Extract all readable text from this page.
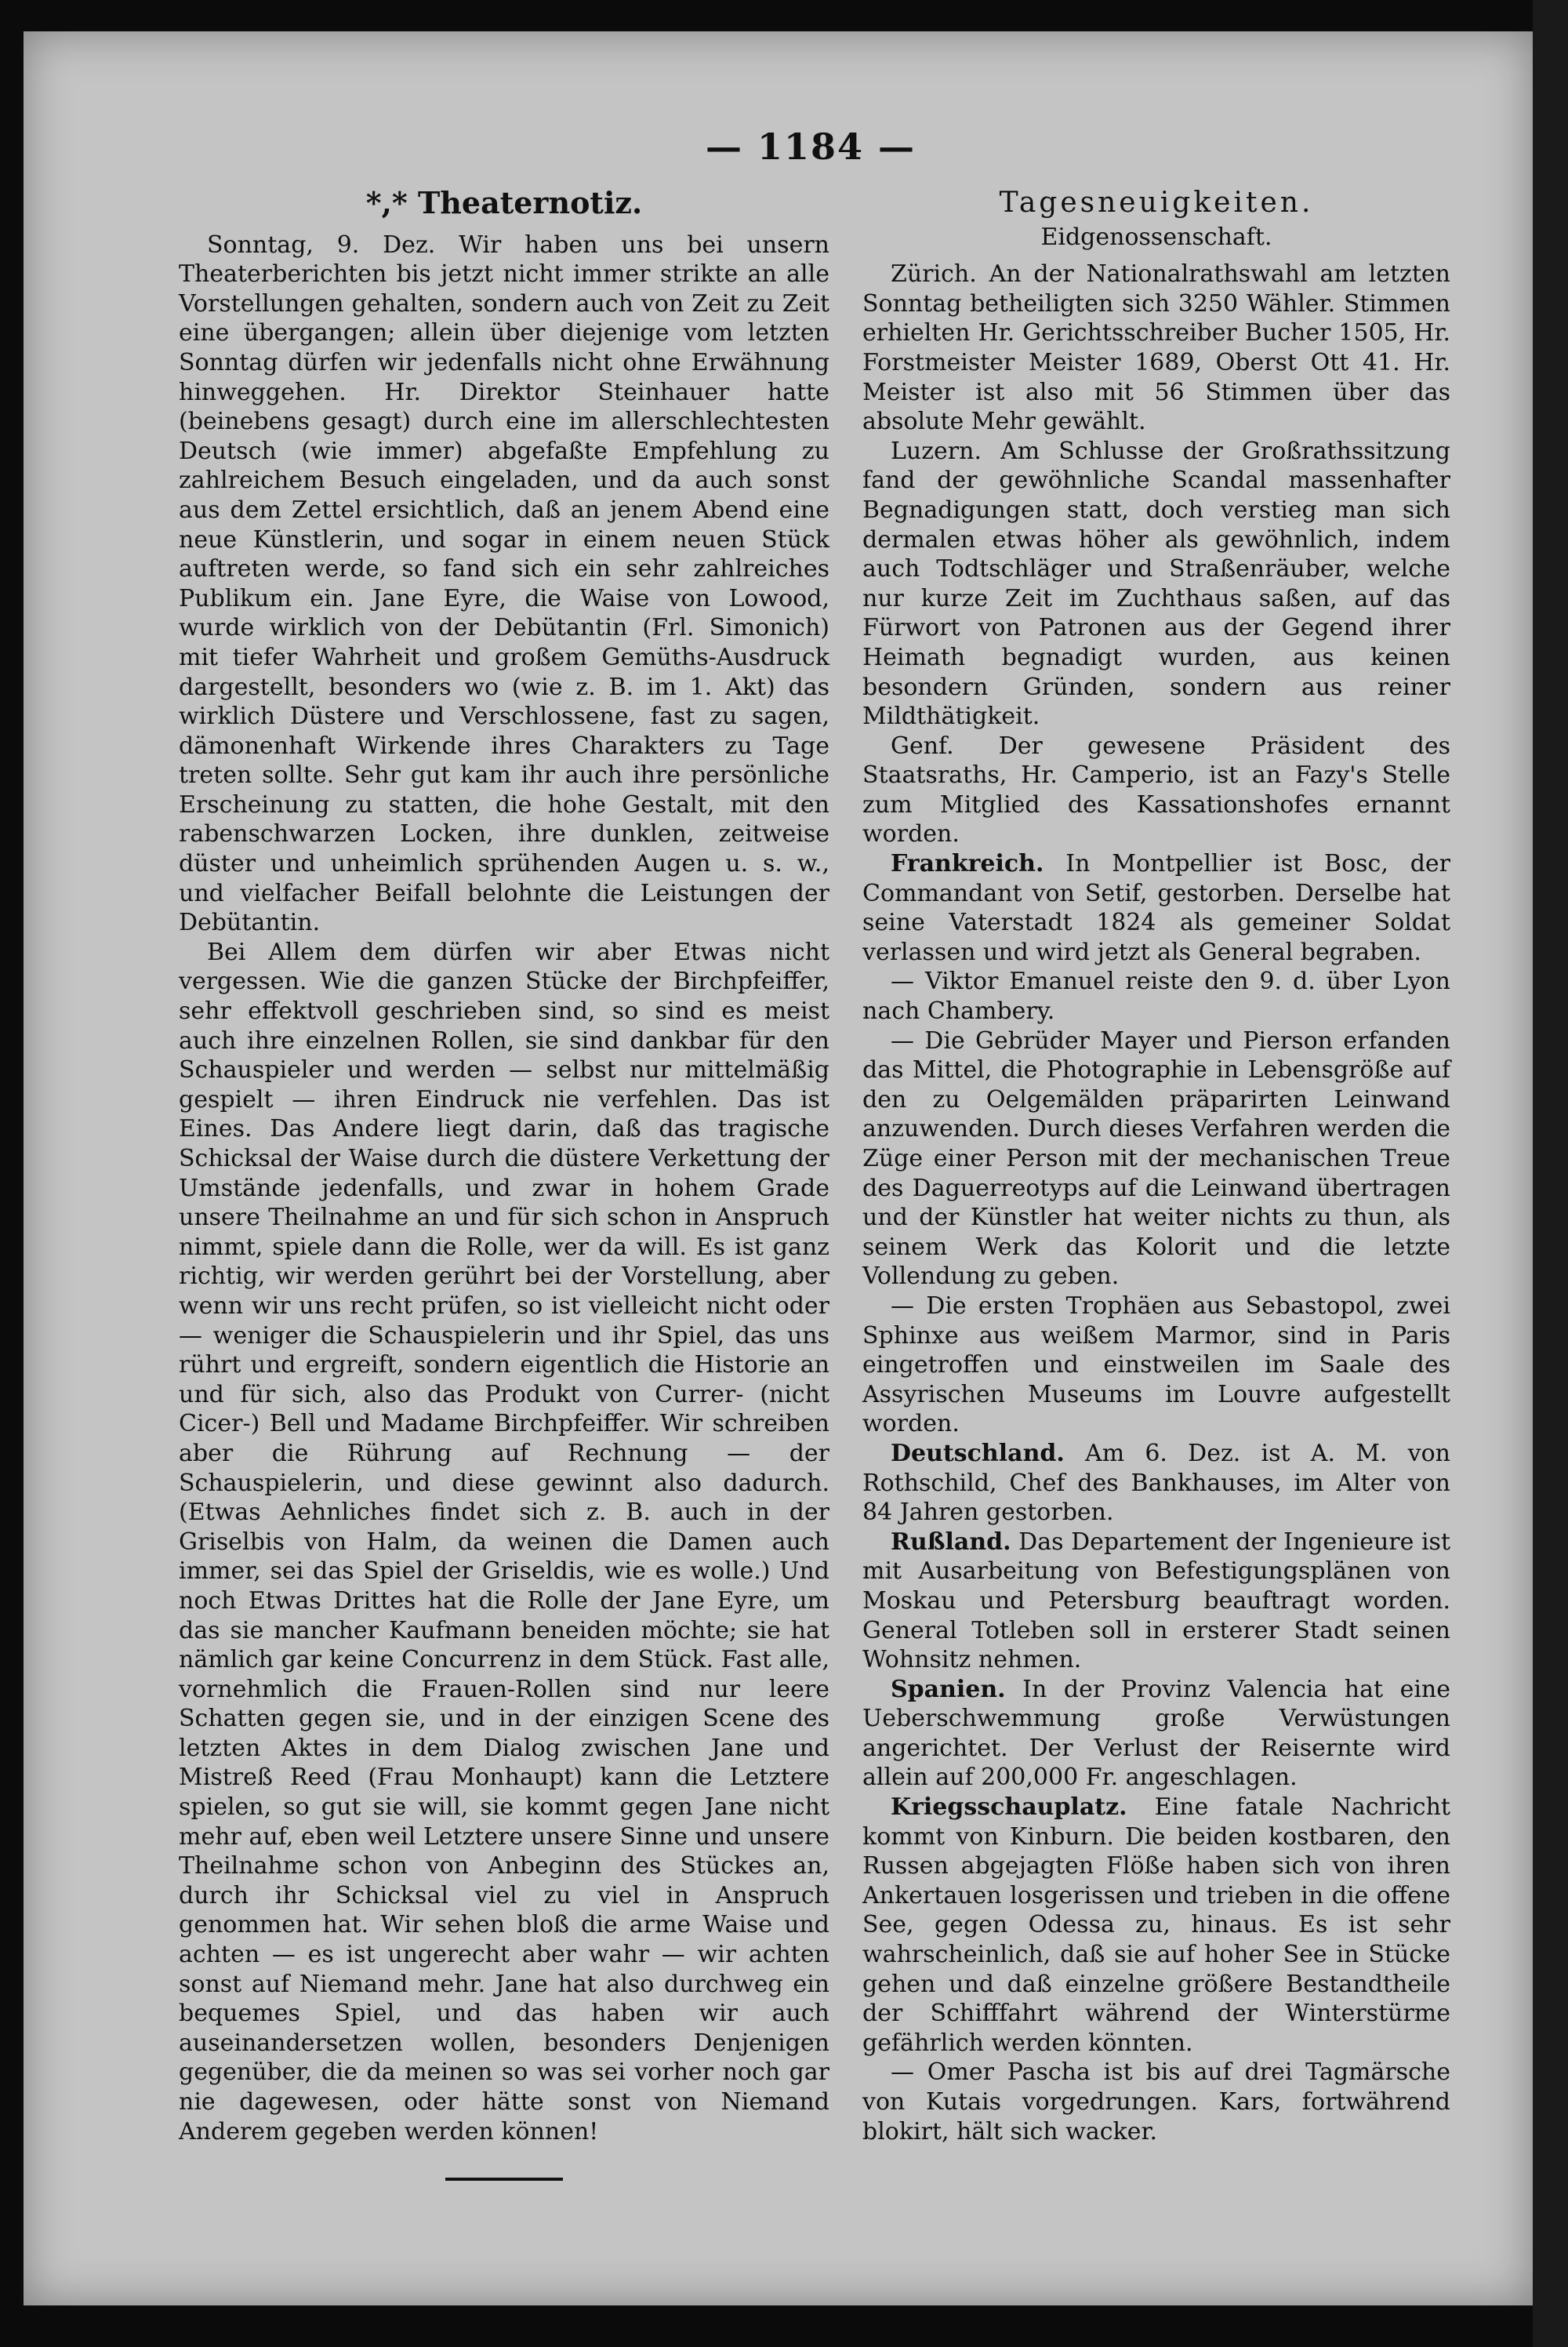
— 1184 —
*,* Theaternotiz.

Sonntag, 9. Dez. Wir haben uns bei unsern Theaterberichten bis jetzt nicht immer strikte an alle Vorstellungen gehalten, sondern auch von Zeit zu Zeit eine übergangen; allein über diejenige vom letzten Sonntag dürfen wir jedenfalls nicht ohne Erwähnung hinweggehen. Hr. Direktor Steinhauer hatte (beinebens gesagt) durch eine im allerschlechtesten Deutsch (wie immer) abgefaßte Empfehlung zu zahlreichem Besuch eingeladen, und da auch sonst aus dem Zettel ersichtlich, daß an jenem Abend eine neue Künstlerin, und sogar in einem neuen Stück auftreten werde, so fand sich ein sehr zahlreiches Publikum ein. Jane Eyre, die Waise von Lowood, wurde wirklich von der Debütantin (Frl. Simonich) mit tiefer Wahrheit und großem Gemüths-Ausdruck dargestellt, besonders wo (wie z. B. im 1. Akt) das wirklich Düstere und Verschlossene, fast zu sagen, dämonenhaft Wirkende ihres Charakters zu Tage treten sollte. Sehr gut kam ihr auch ihre persönliche Erscheinung zu statten, die hohe Gestalt, mit den rabenschwarzen Locken, ihre dunklen, zeitweise düster und unheimlich sprühenden Augen u. s. w., und vielfacher Beifall belohnte die Leistungen der Debütantin.

Bei Allem dem dürfen wir aber Etwas nicht vergessen. Wie die ganzen Stücke der Birchpfeiffer, sehr effektvoll geschrieben sind, so sind es meist auch ihre einzelnen Rollen, sie sind dankbar für den Schauspieler und werden — selbst nur mittelmäßig gespielt — ihren Eindruck nie verfehlen. Das ist Eines. Das Andere liegt darin, daß das tragische Schicksal der Waise durch die düstere Verkettung der Umstände jedenfalls, und zwar in hohem Grade unsere Theilnahme an und für sich schon in Anspruch nimmt, spiele dann die Rolle, wer da will. Es ist ganz richtig, wir werden gerührt bei der Vorstellung, aber wenn wir uns recht prüfen, so ist vielleicht nicht oder — weniger die Schauspielerin und ihr Spiel, das uns rührt und ergreift, sondern eigentlich die Historie an und für sich, also das Produkt von Currer- (nicht Cicer-) Bell und Madame Birchpfeiffer. Wir schreiben aber die Rührung auf Rechnung — der Schauspielerin, und diese gewinnt also dadurch. (Etwas Aehnliches findet sich z. B. auch in der Griselbis von Halm, da weinen die Damen auch immer, sei das Spiel der Griseldis, wie es wolle.) Und noch Etwas Drittes hat die Rolle der Jane Eyre, um das sie mancher Kaufmann beneiden möchte; sie hat nämlich gar keine Concurrenz in dem Stück. Fast alle, vornehmlich die Frauen-Rollen sind nur leere Schatten gegen sie, und in der einzigen Scene des letzten Aktes in dem Dialog zwischen Jane und Mistreß Reed (Frau Monhaupt) kann die Letztere spielen, so gut sie will, sie kommt gegen Jane nicht mehr auf, eben weil Letztere unsere Sinne und unsere Theilnahme schon von Anbeginn des Stückes an, durch ihr Schicksal viel zu viel in Anspruch genommen hat. Wir sehen bloß die arme Waise und achten — es ist ungerecht aber wahr — wir achten sonst auf Niemand mehr. Jane hat also durchweg ein bequemes Spiel, und das haben wir auch auseinandersetzen wollen, besonders Denjenigen gegenüber, die da meinen so was sei vorher noch gar nie dagewesen, oder hätte sonst von Niemand Anderem gegeben werden können!

Tagesneuigkeiten.
Eidgenossenschaft.

Zürich. An der Nationalrathswahl am letzten Sonntag betheiligten sich 3250 Wähler. Stimmen erhielten Hr. Gerichtsschreiber Bucher 1505, Hr. Forstmeister Meister 1689, Oberst Ott 41. Hr. Meister ist also mit 56 Stimmen über das absolute Mehr gewählt.

Luzern. Am Schlusse der Großrathssitzung fand der gewöhnliche Scandal massenhafter Begnadigungen statt, doch verstieg man sich dermalen etwas höher als gewöhnlich, indem auch Todtschläger und Straßenräuber, welche nur kurze Zeit im Zuchthaus saßen, auf das Fürwort von Patronen aus der Gegend ihrer Heimath begnadigt wurden, aus keinen besondern Gründen, sondern aus reiner Mildthätigkeit.

Genf. Der gewesene Präsident des Staatsraths, Hr. Camperio, ist an Fazy's Stelle zum Mitglied des Kassationshofes ernannt worden.

Frankreich. In Montpellier ist Bosc, der Commandant von Setif, gestorben. Derselbe hat seine Vaterstadt 1824 als gemeiner Soldat verlassen und wird jetzt als General begraben.

— Viktor Emanuel reiste den 9. d. über Lyon nach Chambery.

— Die Gebrüder Mayer und Pierson erfanden das Mittel, die Photographie in Lebensgröße auf den zu Oelgemälden präparirten Leinwand anzuwenden. Durch dieses Verfahren werden die Züge einer Person mit der mechanischen Treue des Daguerreotyps auf die Leinwand übertragen und der Künstler hat weiter nichts zu thun, als seinem Werk das Kolorit und die letzte Vollendung zu geben.

— Die ersten Trophäen aus Sebastopol, zwei Sphinxe aus weißem Marmor, sind in Paris eingetroffen und einstweilen im Saale des Assyrischen Museums im Louvre aufgestellt worden.

Deutschland. Am 6. Dez. ist A. M. von Rothschild, Chef des Bankhauses, im Alter von 84 Jahren gestorben.

Rußland. Das Departement der Ingenieure ist mit Ausarbeitung von Befestigungsplänen von Moskau und Petersburg beauftragt worden. General Totleben soll in ersterer Stadt seinen Wohnsitz nehmen.

Spanien. In der Provinz Valencia hat eine Ueberschwemmung große Verwüstungen angerichtet. Der Verlust der Reisernte wird allein auf 200,000 Fr. angeschlagen.

Kriegsschauplatz. Eine fatale Nachricht kommt von Kinburn. Die beiden kostbaren, den Russen abgejagten Flöße haben sich von ihren Ankertauen losgerissen und trieben in die offene See, gegen Odessa zu, hinaus. Es ist sehr wahrscheinlich, daß sie auf hoher See in Stücke gehen und daß einzelne größere Bestandtheile der Schifffahrt während der Winterstürme gefährlich werden könnten.

— Omer Pascha ist bis auf drei Tagmärsche von Kutais vorgedrungen. Kars, fortwährend blokirt, hält sich wacker.
